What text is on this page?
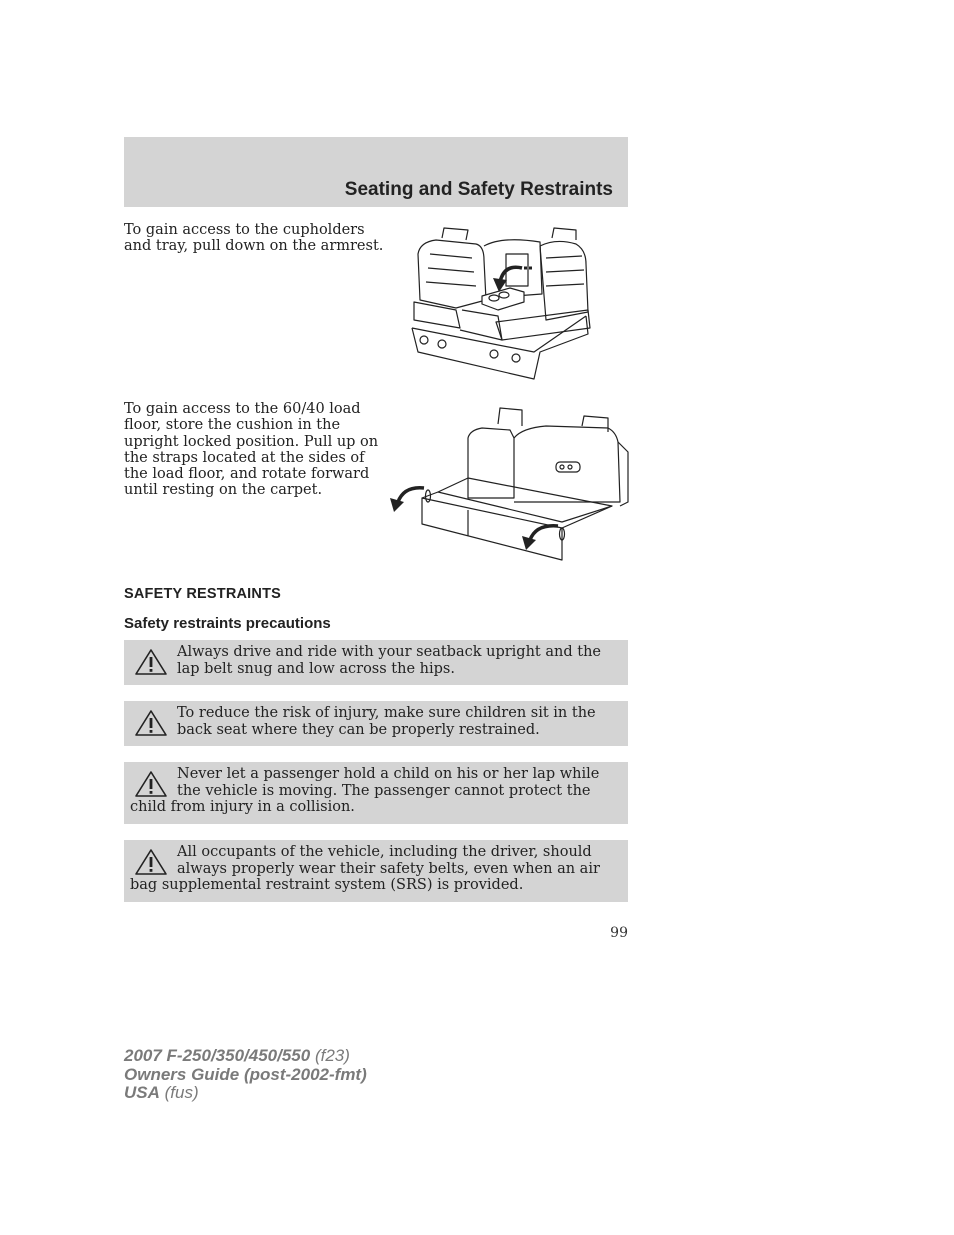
Seating and Safety Restraints
To gain access to the cupholders and tray, pull down on the armrest.
To gain access to the 60/40 load floor, store the cushion in the upright locked position. Pull up on the straps located at the sides of the load floor, and rotate forward until resting on the carpet.
SAFETY RESTRAINTS
Safety restraints precautions
Always drive and ride with your seatback upright and the lap belt snug and low across the hips.
To reduce the risk of injury, make sure children sit in the back seat where they can be properly restrained.
Never let a passenger hold a child on his or her lap while the vehicle is moving. The passenger cannot protect the child from injury in a collision.
All occupants of the vehicle, including the driver, should always properly wear their safety belts, even when an air bag supplemental restraint system (SRS) is provided.
99
2007 F-250/350/450/550 (f23)
Owners Guide (post-2002-fmt)
USA (fus)
